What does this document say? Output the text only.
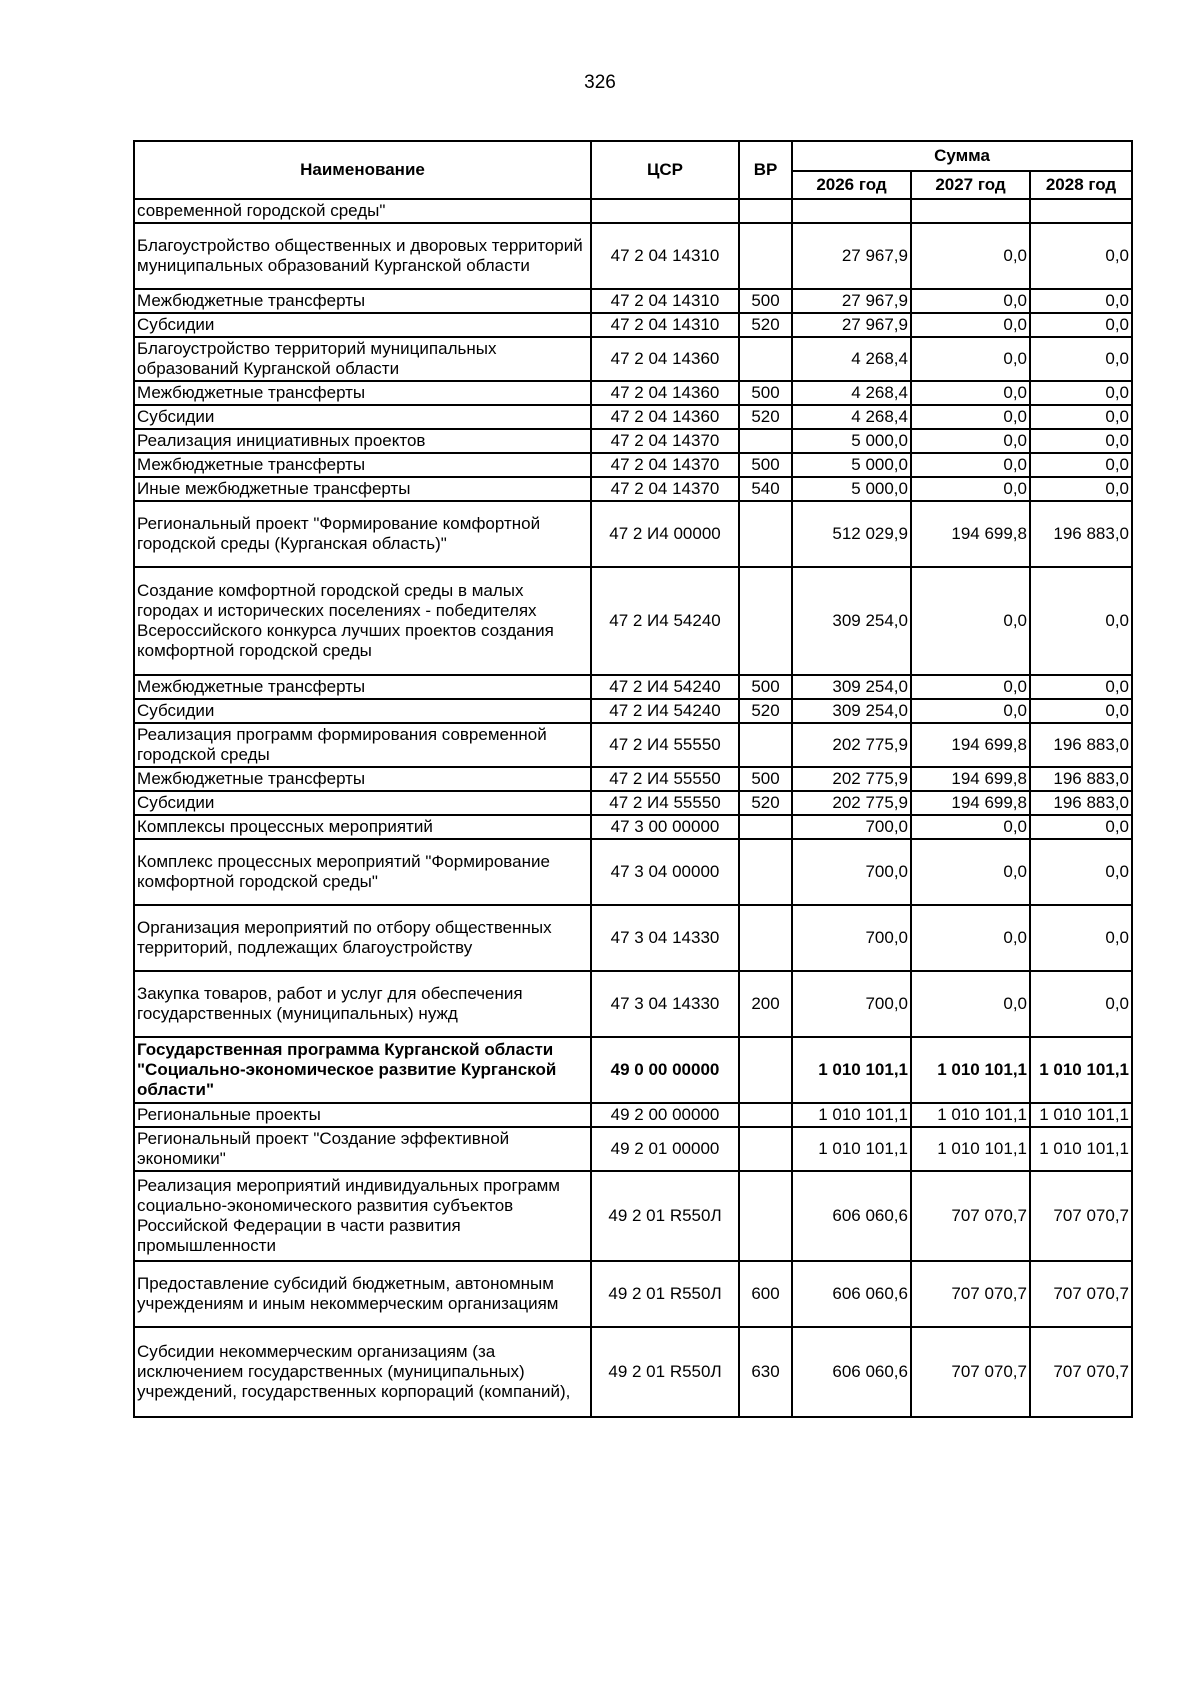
326
Наименование	ЦСР	ВР	Сумма		
			2026 год	2027 год	2028 год
современной городской среды"					
Благоустройство общественных и дворовых территорий муниципальных образований Курганской области	47 2 04 14310		27 967,9	0,0	0,0
Межбюджетные трансферты	47 2 04 14310	500	27 967,9	0,0	0,0
Субсидии	47 2 04 14310	520	27 967,9	0,0	0,0
Благоустройство территорий муниципальных образований Курганской области	47 2 04 14360		4 268,4	0,0	0,0
Межбюджетные трансферты	47 2 04 14360	500	4 268,4	0,0	0,0
Субсидии	47 2 04 14360	520	4 268,4	0,0	0,0
Реализация инициативных проектов	47 2 04 14370		5 000,0	0,0	0,0
Межбюджетные трансферты	47 2 04 14370	500	5 000,0	0,0	0,0
Иные межбюджетные трансферты	47 2 04 14370	540	5 000,0	0,0	0,0
Региональный проект "Формирование комфортной городской среды (Курганская область)"	47 2 И4 00000		512 029,9	194 699,8	196 883,0
Создание комфортной городской среды в малых городах и исторических поселениях - победителях Всероссийского конкурса лучших проектов создания комфортной городской среды	47 2 И4 54240		309 254,0	0,0	0,0
Межбюджетные трансферты	47 2 И4 54240	500	309 254,0	0,0	0,0
Субсидии	47 2 И4 54240	520	309 254,0	0,0	0,0
Реализация программ формирования современной городской среды	47 2 И4 55550		202 775,9	194 699,8	196 883,0
Межбюджетные трансферты	47 2 И4 55550	500	202 775,9	194 699,8	196 883,0
Субсидии	47 2 И4 55550	520	202 775,9	194 699,8	196 883,0
Комплексы процессных мероприятий	47 3 00 00000		700,0	0,0	0,0
Комплекс процессных мероприятий "Формирование комфортной городской среды"	47 3 04 00000		700,0	0,0	0,0
Организация мероприятий по отбору общественных территорий, подлежащих благоустройству	47 3 04 14330		700,0	0,0	0,0
Закупка товаров, работ и услуг для обеспечения государственных (муниципальных) нужд	47 3 04 14330	200	700,0	0,0	0,0
Государственная программа Курганской области "Социально-экономическое развитие Курганской области"	49 0 00 00000		1 010 101,1	1 010 101,1	1 010 101,1
Региональные проекты	49 2 00 00000		1 010 101,1	1 010 101,1	1 010 101,1
Региональный проект "Создание эффективной экономики"	49 2 01 00000		1 010 101,1	1 010 101,1	1 010 101,1
Реализация мероприятий индивидуальных программ социально-экономического развития субъектов Российской Федерации в части развития промышленности	49 2 01 R550Л		606 060,6	707 070,7	707 070,7
Предоставление субсидий бюджетным, автономным учреждениям и иным некоммерческим организациям	49 2 01 R550Л	600	606 060,6	707 070,7	707 070,7
Субсидии некоммерческим организациям (за исключением государственных (муниципальных) учреждений, государственных корпораций (компаний),	49 2 01 R550Л	630	606 060,6	707 070,7	707 070,7
